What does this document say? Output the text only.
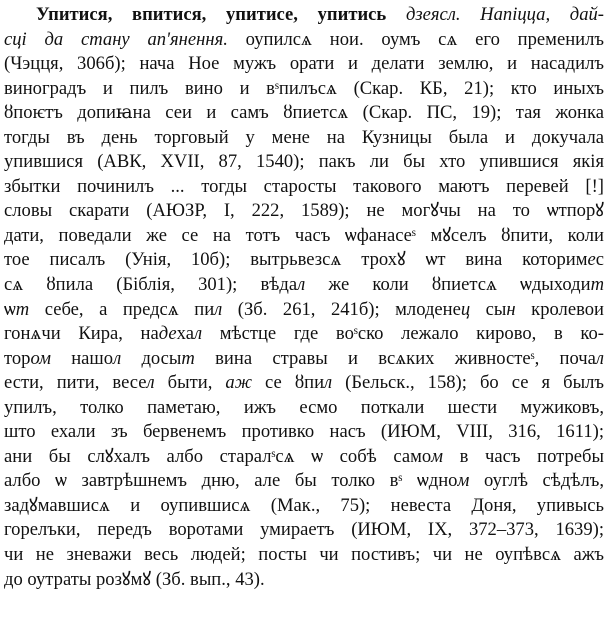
Упитися, впитися, упитисе, упитись дзеясл. Напіцца, дай-
сці да стану ап'янення. оупилсѧ нои. оумъ сѧ его пременилъ
(Чэцця, 306б); нача Ное мужъ орати и делати землю, и насадилъ
виноградъ и пилъ вино и вˢпилъсѧ (Скар. КБ, 21); кто иныхъ
ȣпоѥтъ допиꙗна сеи и самъ ȣпиетсѧ (Скар. ПС, 19); тая жонка
тогды въ день торговый у мене на Кузницы была и докучала
упившися (АВК, XVII, 87, 1540); пакъ ли бы хто упившися якія
збытки починилъ ... тогды старосты такового маютъ перевей [!]
словы скарати (АЮЗР, I, 222, 1589); не могꙋчы на то ѡтпорꙋ
дати, поведали же се на тотъ часъ ѡфанасеˢ мꙋселъ ȣпити, коли
тое писалъ (Унія, 10б); вытрьвезсѧ трохꙋ ѡт вина которимес
сѧ ȣпила (Біблія, 301); вѣдал же коли ȣпиетсѧ ѡдыходит
ѡт себе, а предсѧ пил (Зб. 261, 241б); млоденец сын кролевои
гонѧчи Кира, надехал мѣстце где воˢско лежало кирово, в ко-
тором нашол досыт вина стравы и всѧких живностеˢ, почал
ести, пити, весел быти, аж се ȣпил (Бельск., 158); бо се я былъ
упилъ, толко паметаю, ижъ есмо поткали шести мужиковъ,
што ехали зъ бервенемъ противко насъ (ИЮМ, VIII, 316, 1611);
ани бы слꙋхалъ албо старалˢсѧ ѡ собѣ самом в часъ потребы
албо ѡ завтрѣшнемъ дню, але бы толко вˢ ѡдном оуглѣ сѣдѣлъ,
задꙋмавшисѧ и оупившисѧ (Мак., 75); невеста Доня, упивысь
горелъки, передъ воротами умираетъ (ИЮМ, IX, 372–373, 1639);
чи не зневажи весь людей; посты чи постивъ; чи не оупѣвсѧ ажъ
до оутраты розꙋмꙋ (Зб. вып., 43).
